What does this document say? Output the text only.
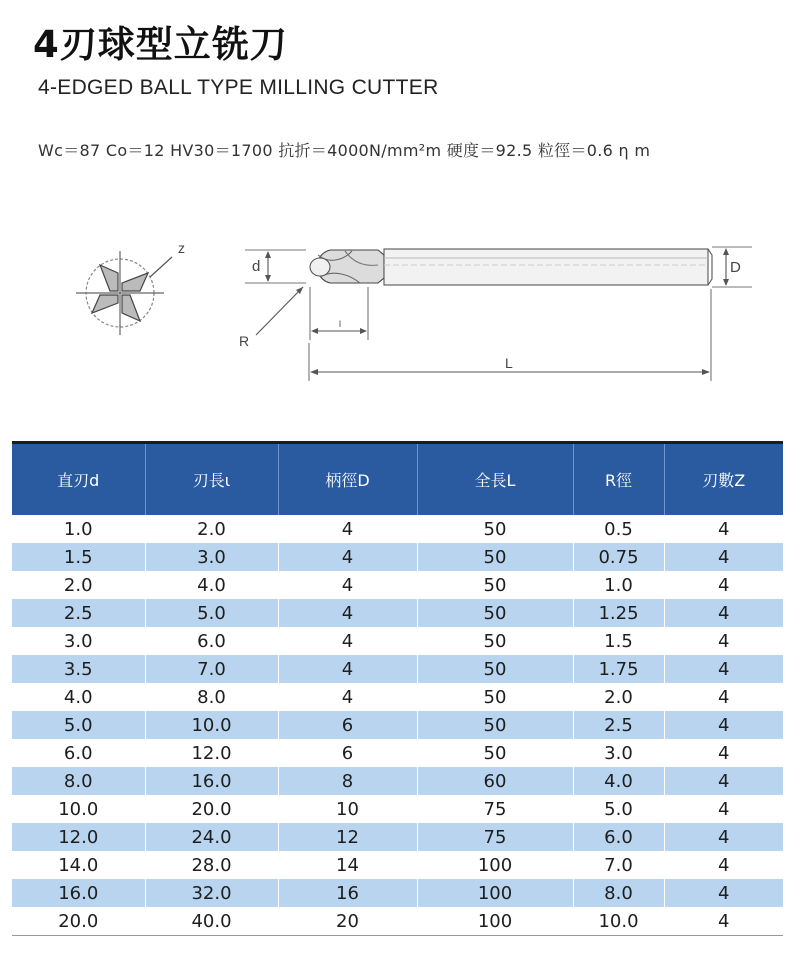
4刃球型立铣刀
4-EDGED BALL TYPE MILLING CUTTER
Wc＝87 Co＝12 HV30＝1700 抗折＝4000N/mm²m 硬度＝92.5 粒徑＝0.6 η m
z
d	D
R
l
L
直刃d	刃長ι	柄徑D	全長L	R徑	刃數Z
1.0	2.0	4	50	0.5	4
1.5	3.0	4	50	0.75	4
2.0	4.0	4	50	1.0	4
2.5	5.0	4	50	1.25	4
3.0	6.0	4	50	1.5	4
3.5	7.0	4	50	1.75	4
4.0	8.0	4	50	2.0	4
5.0	10.0	6	50	2.5	4
6.0	12.0	6	50	3.0	4
8.0	16.0	8	60	4.0	4
10.0	20.0	10	75	5.0	4
12.0	24.0	12	75	6.0	4
14.0	28.0	14	100	7.0	4
16.0	32.0	16	100	8.0	4
20.0	40.0	20	100	10.0	4
